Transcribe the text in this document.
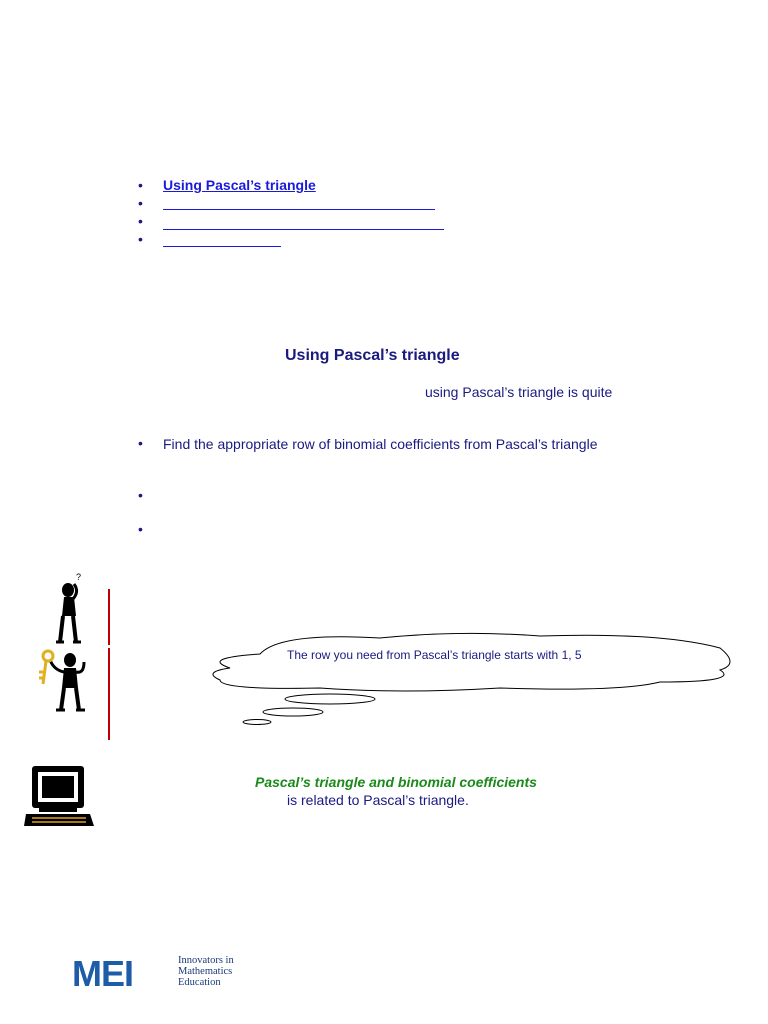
• Using Pascal’s triangle
•
•
•
Using Pascal’s triangle
using Pascal’s triangle is quite
• Find the appropriate row of binomial coefficients from Pascal’s triangle
•
•
?
The row you need from Pascal’s triangle starts with 1, 5
Pascal’s triangle and binomial coefficients
is related to Pascal’s triangle.
MEI	Innovators in
Mathematics
Education
